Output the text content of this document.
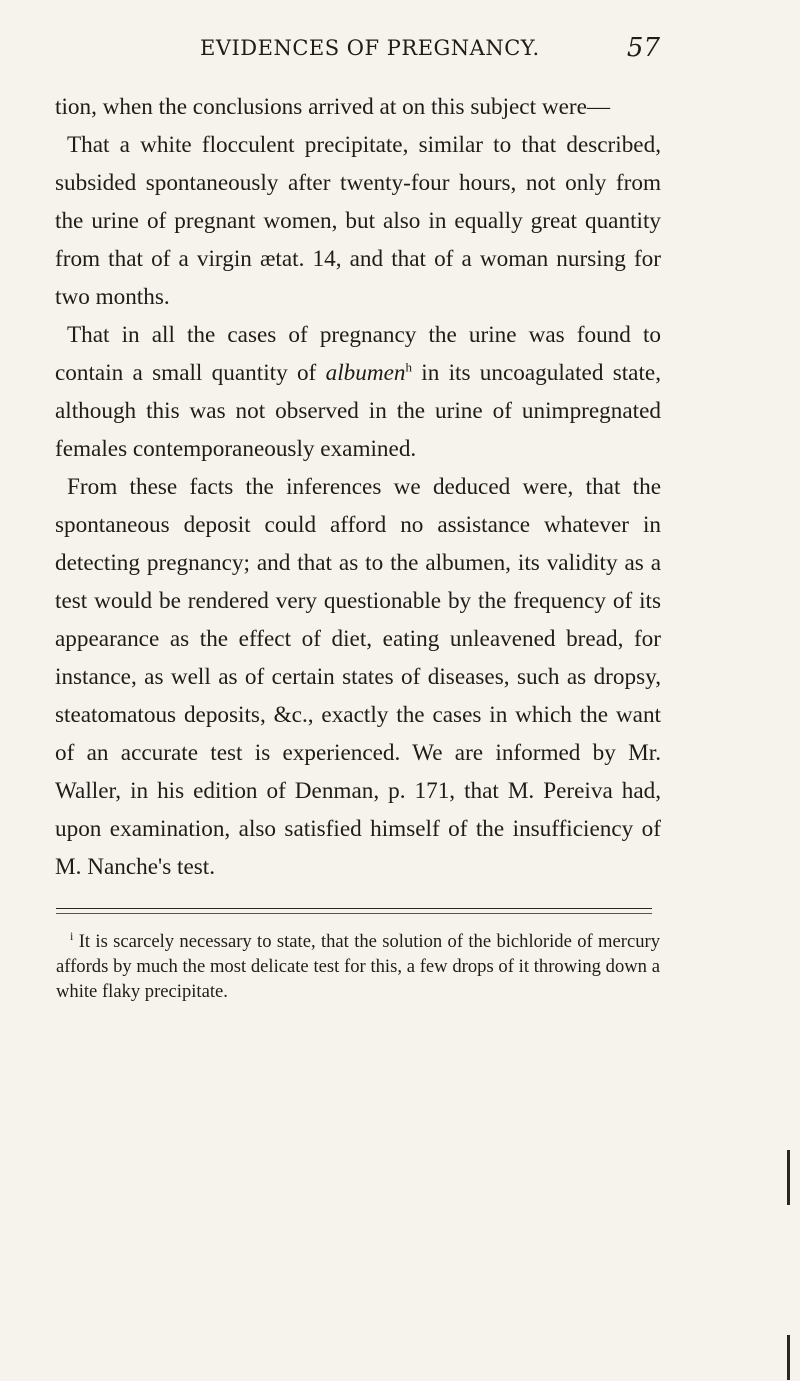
EVIDENCES OF PREGNANCY.	57

tion, when the conclusions arrived at on this subject were—

That a white flocculent precipitate, similar to that described, subsided spontaneously after twenty-four hours, not only from the urine of pregnant women, but also in equally great quantity from that of a virgin ætat. 14, and that of a woman nursing for two months.

That in all the cases of pregnancy the urine was found to contain a small quantity of albumen$^h$ in its uncoagulated state, although this was not observed in the urine of unimpregnated females contemporaneously examined.

From these facts the inferences we deduced were, that the spontaneous deposit could afford no assistance whatever in detecting pregnancy; and that as to the albumen, its validity as a test would be rendered very questionable by the frequency of its appearance as the effect of diet, eating unleavened bread, for instance, as well as of certain states of diseases, such as dropsy, steatomatous deposits, &c., exactly the cases in which the want of an accurate test is experienced. We are informed by Mr. Waller, in his edition of Denman, p. 171, that M. Pereiva had, upon examination, also satisfied himself of the insufficiency of M. Nanche's test.

$^i$ It is scarcely necessary to state, that the solution of the bichloride of mercury affords by much the most delicate test for this, a few drops of it throwing down a white flaky precipitate.
